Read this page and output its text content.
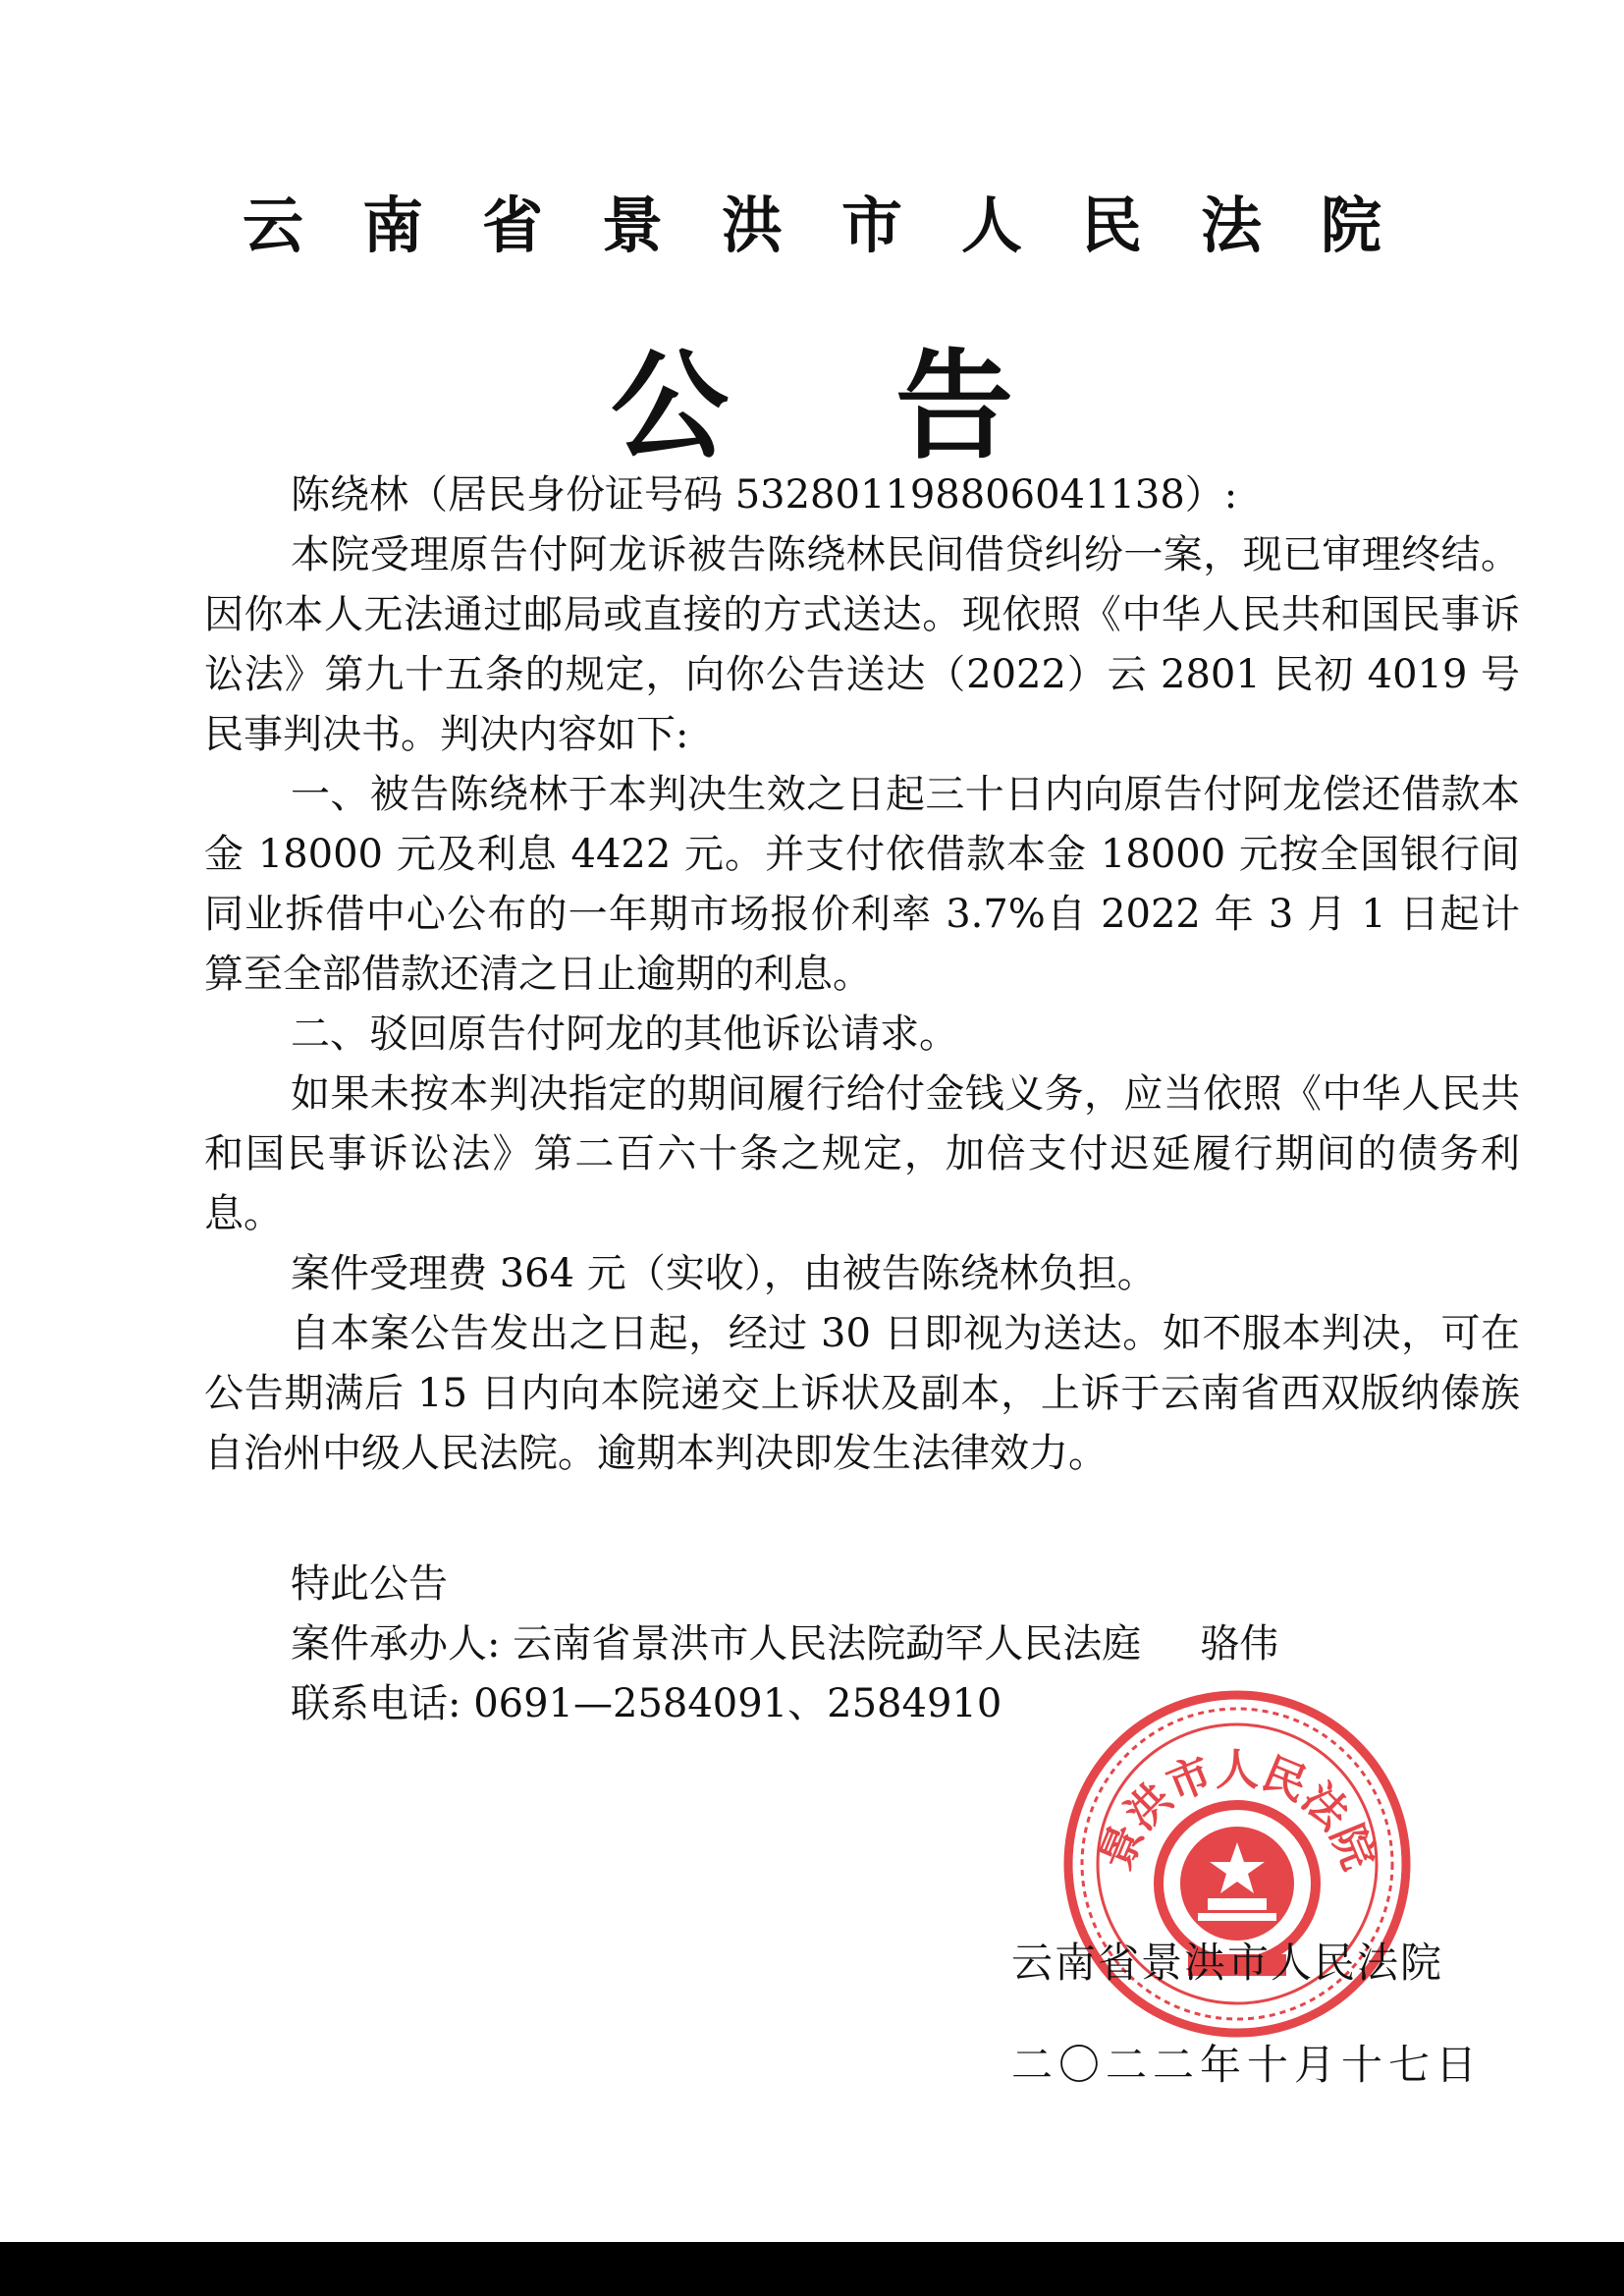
云南省景洪市人民法院
公告

陈绕林（居民身份证号码 532801198806041138）:

本院受理原告付阿龙诉被告陈绕林民间借贷纠纷一案，现已审理终结。因你本人无法通过邮局或直接的方式送达。现依照《中华人民共和国民事诉讼法》第九十五条的规定，向你公告送达（2022）云 2801 民初 4019 号民事判决书。判决内容如下:

一、被告陈绕林于本判决生效之日起三十日内向原告付阿龙偿还借款本金 18000 元及利息 4422 元。并支付依借款本金 18000 元按全国银行间同业拆借中心公布的一年期市场报价利率 3.7%自 2022 年 3 月 1 日起计算至全部借款还清之日止逾期的利息。

二、驳回原告付阿龙的其他诉讼请求。

如果未按本判决指定的期间履行给付金钱义务，应当依照《中华人民共和国民事诉讼法》第二百六十条之规定，加倍支付迟延履行期间的债务利息。

案件受理费 364 元（实收），由被告陈绕林负担。

自本案公告发出之日起，经过 30 日即视为送达。如不服本判决，可在公告期满后 15 日内向本院递交上诉状及副本，上诉于云南省西双版纳傣族自治州中级人民法院。逾期本判决即发生法律效力。

特此公告

案件承办人: 云南省景洪市人民法院勐罕人民法庭 骆伟

联系电话: 0691—2584091、2584910

景洪市人民法院
云南省景洪市人民法院
二〇二二年十月十七日
